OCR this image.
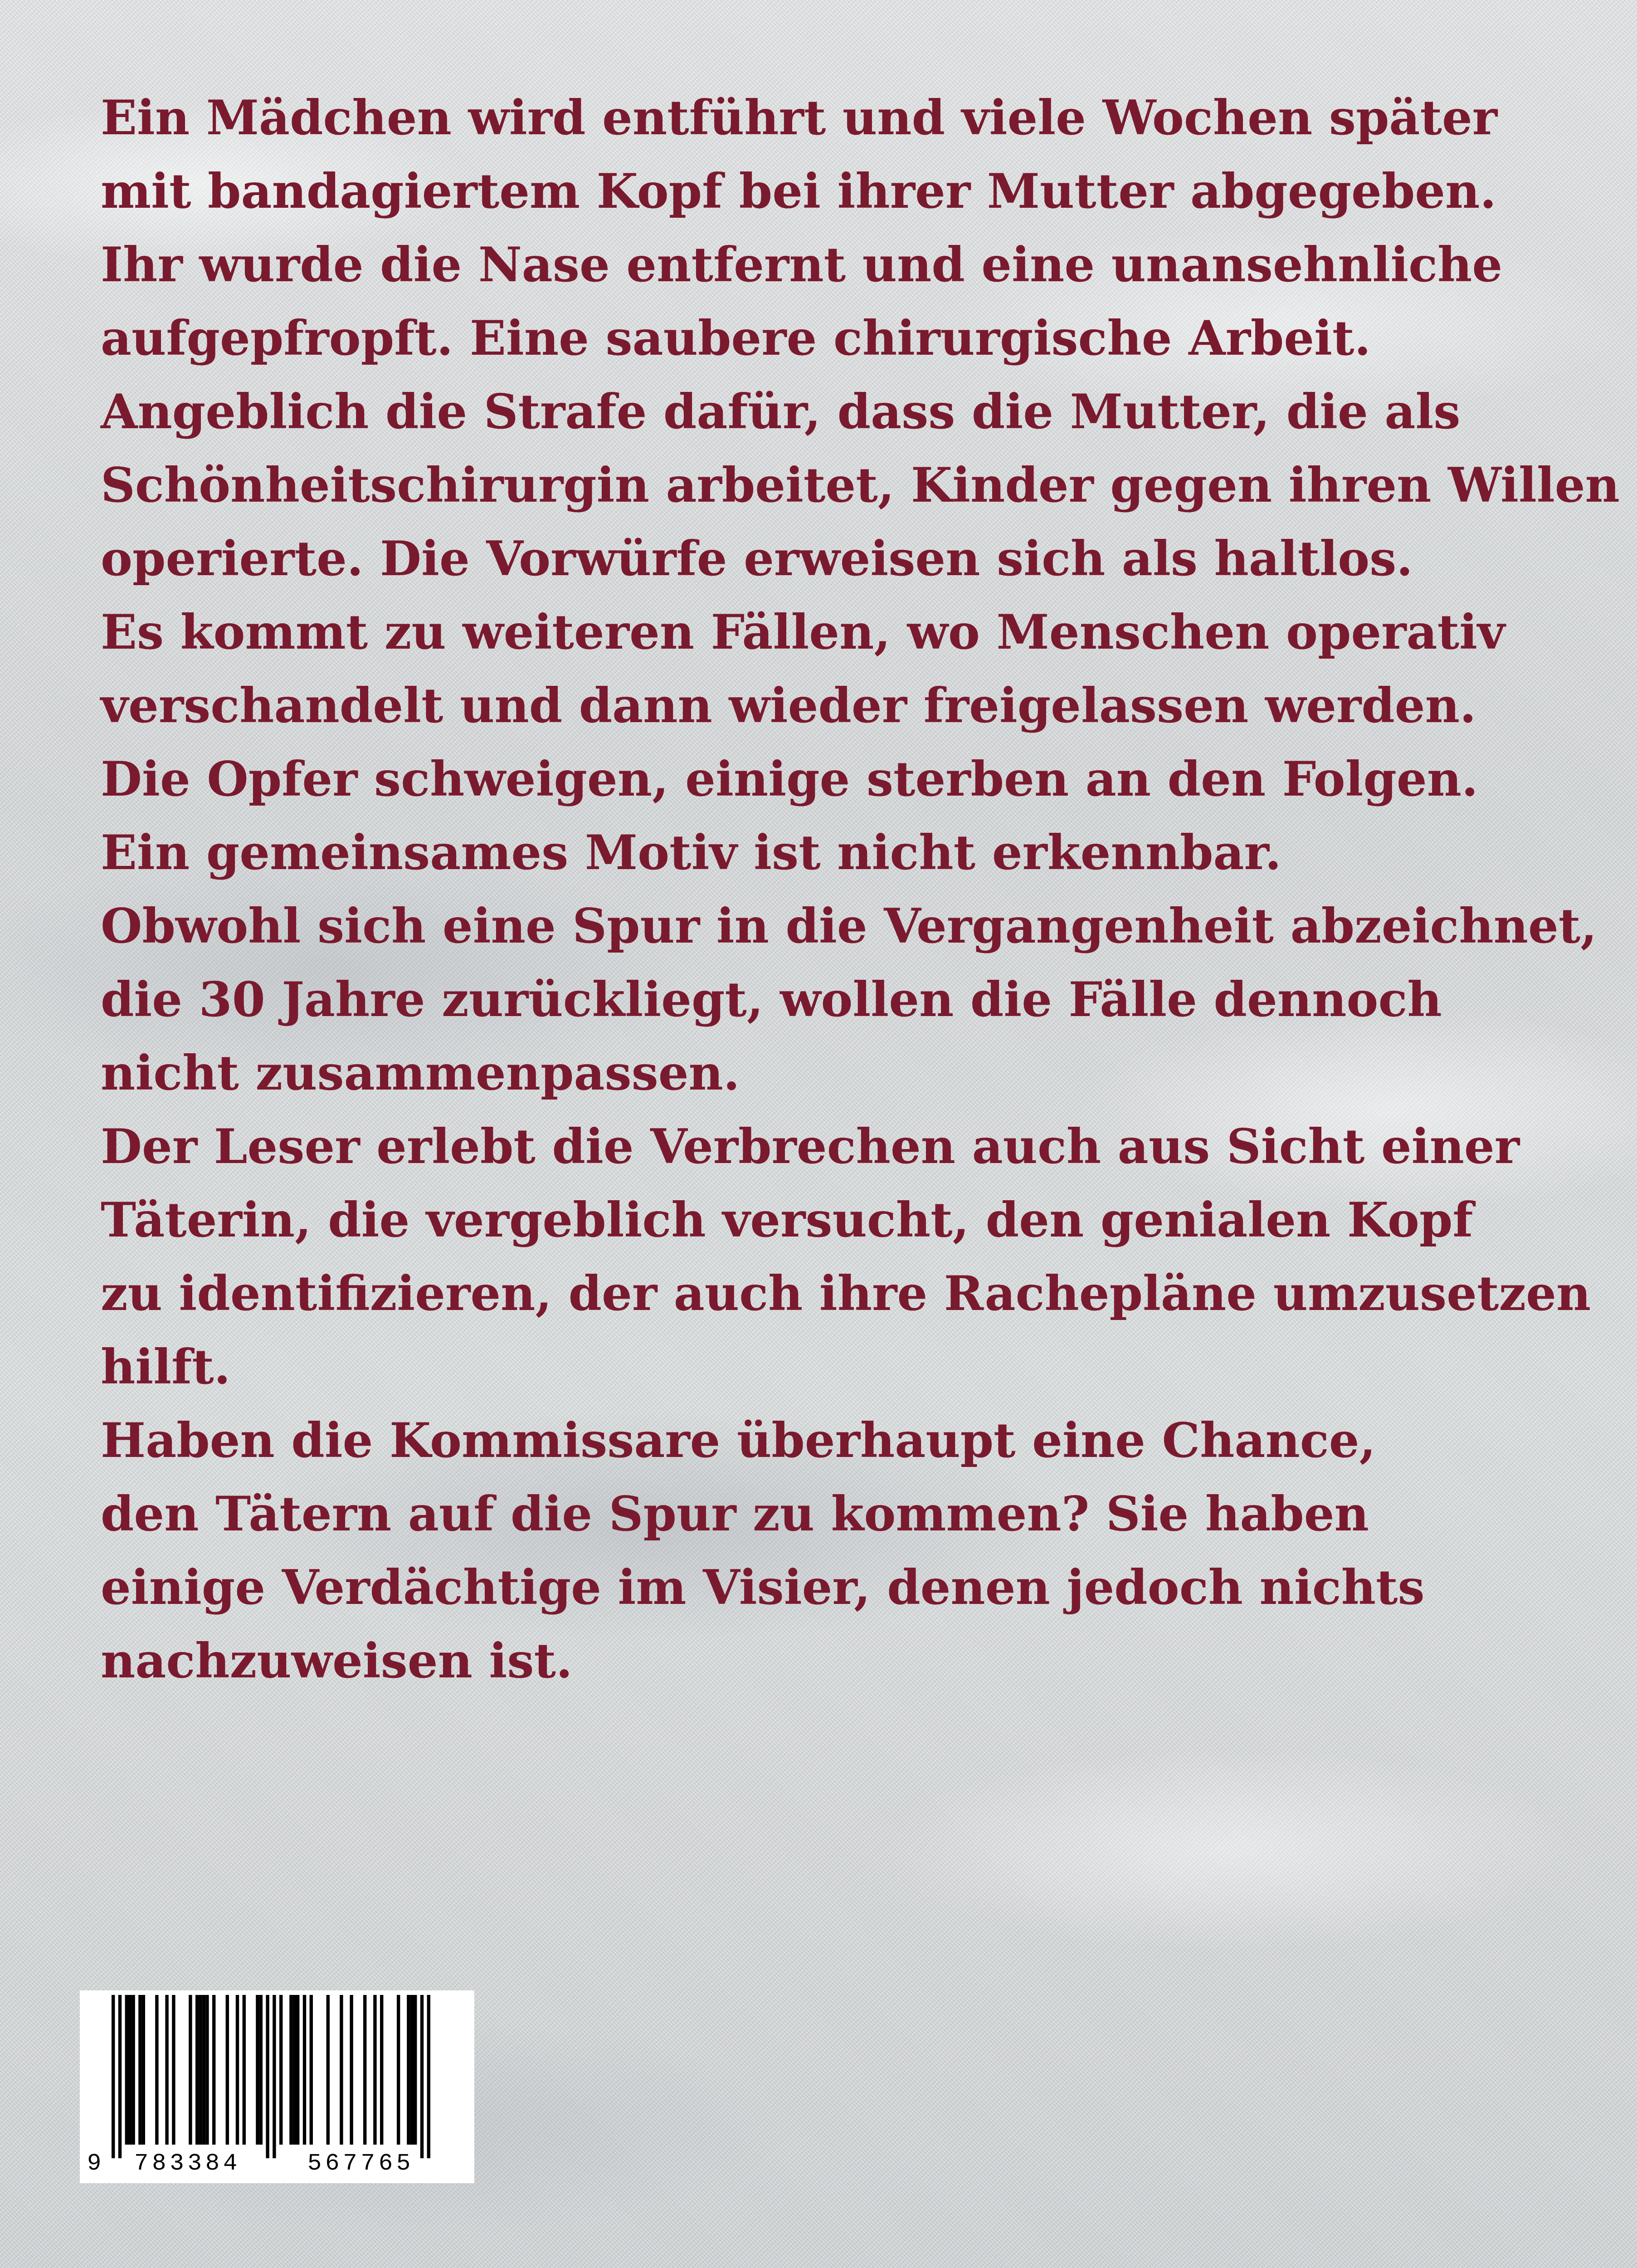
Ein Mädchen wird entführt und viele Wochen später
mit bandagiertem Kopf bei ihrer Mutter abgegeben.
Ihr wurde die Nase entfernt und eine unansehnliche
aufgepfropft. Eine saubere chirurgische Arbeit.
Angeblich die Strafe dafür, dass die Mutter, die als
Schönheitschirurgin arbeitet, Kinder gegen ihren Willen
operierte. Die Vorwürfe erweisen sich als haltlos.
Es kommt zu weiteren Fällen, wo Menschen operativ
verschandelt und dann wieder freigelassen werden.
Die Opfer schweigen, einige sterben an den Folgen.
Ein gemeinsames Motiv ist nicht erkennbar.
Obwohl sich eine Spur in die Vergangenheit abzeichnet,
die 30 Jahre zurückliegt, wollen die Fälle dennoch
nicht zusammenpassen.
Der Leser erlebt die Verbrechen auch aus Sicht einer
Täterin, die vergeblich versucht, den genialen Kopf
zu identifizieren, der auch ihre Rachepläne umzusetzen
hilft.
Haben die Kommissare überhaupt eine Chance,
den Tätern auf die Spur zu kommen? Sie haben
einige Verdächtige im Visier, denen jedoch nichts
nachzuweisen ist.
9 783384	567765
